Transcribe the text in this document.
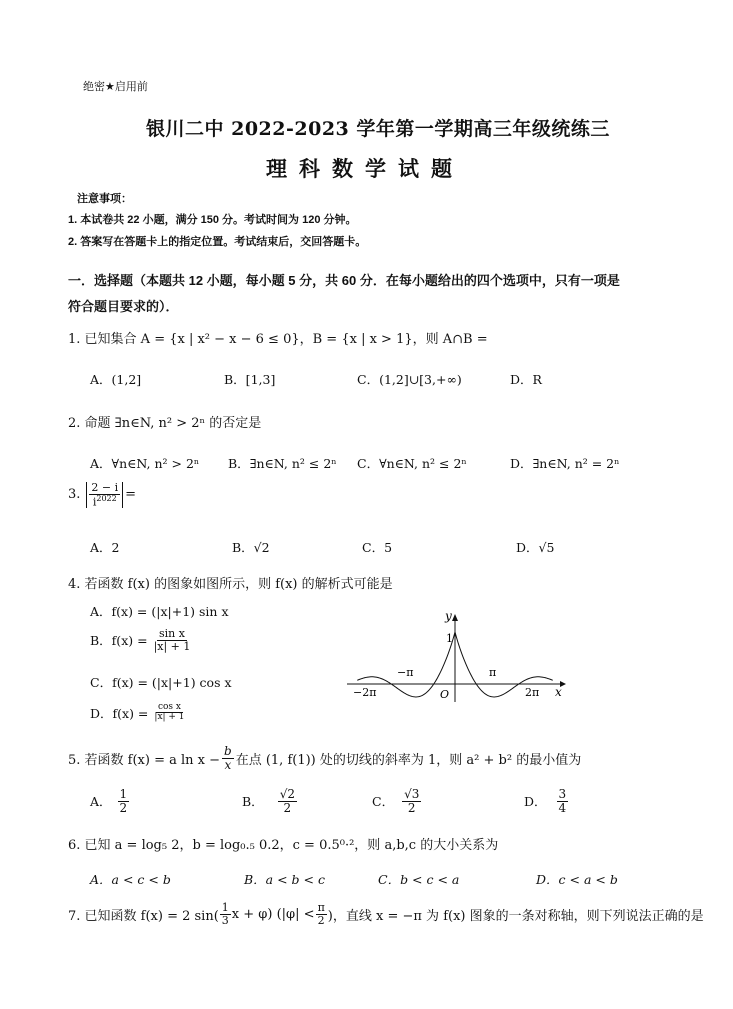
绝密★启用前
银川二中 2022-2023 学年第一学期高三年级统练三
理科数学试题
注意事项：
1. 本试卷共 22 小题，满分 150 分。考试时间为 120 分钟。
2. 答案写在答题卡上的指定位置。考试结束后，交回答题卡。
一．选择题（本题共 12 小题，每小题 5 分，共 60 分．在每小题给出的四个选项中，只有一项是
符合题目要求的）．
1. 已知集合 A = {x | x² − x − 6 ≤ 0}，B = {x | x > 1}，则 A∩B =
A．(1,2]	B．[1,3]	C．(1,2]∪[3,+∞)	D．R
2. 命题 ∃n∈N, n² > 2ⁿ 的否定是
A．∀n∈N, n² > 2ⁿ B．∃n∈N, n² ≤ 2ⁿ C．∀n∈N, n² ≤ 2ⁿ	D．∃n∈N, n² = 2ⁿ
3. $\frac{2 - i}{i^{2022}}$ =
A．2	B．√2	C．5	D．√5
4. 若函数 f(x) 的图象如图所示，则 f(x) 的解析式可能是
A．f(x) = (|x|+1) sin x
B．$f(x) = \frac{\text{sin x}}{|x| + 1}$
C．f(x) = (|x|+1) cos x
D．$f(x) = \frac{\text{cos x}}{|x| + 1}$
y
x
1
O
−π	π
−2π	2π
5. 若函数 f(x) = a $\ln x - \frac{b}{x}$ 在点 (1, f(1)) 处的切线的斜率为 1，则 a² + b² 的最小值为
A． $\frac{1}{2}$	B． $\frac{√2}{2}$	C． $\frac{√3}{2}$	D． $\frac{3}{4}$
6. 已知 a = log₅ 2，b = log₀.₅ 0.2，c = 0.5⁰·²，则 a,b,c 的大小关系为
A．a < c < b	B．a < b < c	C．b < c < a	D．c < a < b
7. 已知函数 f(x) = 2 $\sin( \frac{1}{3}$ x + φ) ($|\varphi| < \frac{\pi}{2}$ )，直线 x = −π 为 f(x) 图象的一条对称轴，则下列说法正确的是
